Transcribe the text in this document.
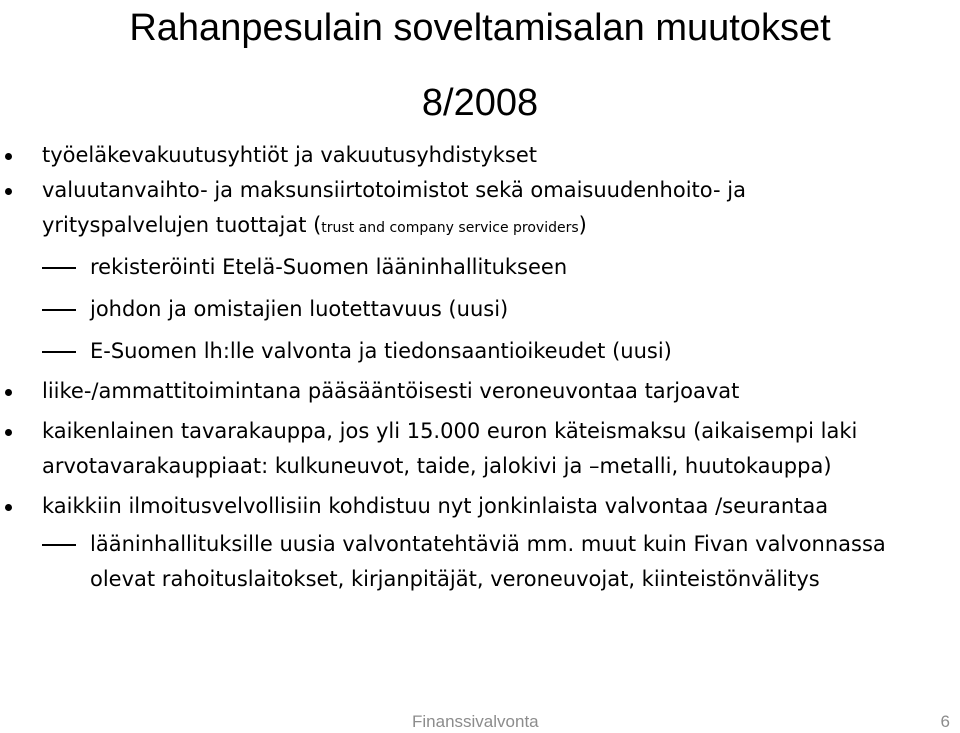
Rahanpesulain soveltamisalan muutokset
8/2008
työeläkevakuutusyhtiöt ja vakuutusyhdistykset
valuutanvaihto- ja maksunsiirtotoimistot sekä omaisuudenhoito- ja yrityspalvelujen tuottajat (trust and company service providers)
rekisteröinti Etelä-Suomen lääninhallitukseen
johdon ja omistajien luotettavuus (uusi)
E-Suomen lh:lle valvonta ja tiedonsaantioikeudet (uusi)
liike-/ammattitoimintana pääsääntöisesti veroneuvontaa tarjoavat
kaikenlainen tavarakauppa, jos yli 15.000 euron käteismaksu (aikaisempi laki arvotavarakauppiaat: kulkuneuvot, taide, jalokivi ja –metalli, huutokauppa)
kaikkiin ilmoitusvelvollisiin kohdistuu nyt jonkinlaista valvontaa /seurantaa
lääninhallituksille uusia valvontatehtäviä mm. muut kuin Fivan valvonnassa olevat rahoituslaitokset, kirjanpitäjät, veroneuvojat, kiinteistönvälitys
Finanssivalvonta	6
